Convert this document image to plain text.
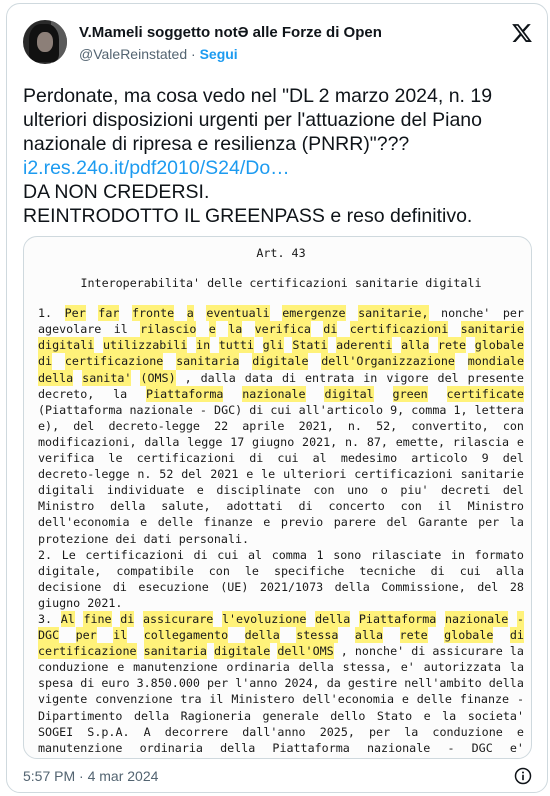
V.Mameli soggetto notƏ alle Forze di Open
@ValeReinstated · Segui
Perdonate, ma cosa vedo nel "DL 2 marzo 2024, n. 19
ulteriori disposizioni urgenti per l'attuazione del Piano
nazionale di ripresa e resilienza (PNRR)"???
i2.res.24o.it/pdf2010/S24/Do…
DA NON CREDERSI.
REINTRODOTTO IL GREENPASS e reso definitivo.
Art. 43
Interoperabilita' delle certificazioni sanitarie digitali
1. Per far fronte a eventuali emergenze sanitarie, nonche' per
agevolare il rilascio e la verifica di certificazioni sanitarie
digitali utilizzabili in tutti gli Stati aderenti alla rete globale
di certificazione sanitaria digitale dell'Organizzazione mondiale
della sanita' (OMS) , dalla data di entrata in vigore del presente
decreto, la Piattaforma nazionale digital green certificate
(Piattaforma nazionale - DGC) di cui all'articolo 9, comma 1, lettera
e), del decreto-legge 22 aprile 2021, n. 52, convertito, con
modificazioni, dalla legge 17 giugno 2021, n. 87, emette, rilascia e
verifica le certificazioni di cui al medesimo articolo 9 del
decreto-legge n. 52 del 2021 e le ulteriori certificazioni sanitarie
digitali individuate e disciplinate con uno o piu' decreti del
Ministro della salute, adottati di concerto con il Ministro
dell'economia e delle finanze e previo parere del Garante per la
protezione dei dati personali.
2. Le certificazioni di cui al comma 1 sono rilasciate in formato
digitale, compatibile con le specifiche tecniche di cui alla
decisione di esecuzione (UE) 2021/1073 della Commissione, del 28
giugno 2021.
3. Al fine di assicurare l'evoluzione della Piattaforma nazionale -
DGC per il collegamento della stessa alla rete globale di
certificazione sanitaria digitale dell'OMS , nonche' di assicurare la
conduzione e manutenzione ordinaria della stessa, e' autorizzata la
spesa di euro 3.850.000 per l'anno 2024, da gestire nell'ambito della
vigente convenzione tra il Ministero dell'economia e delle finanze -
Dipartimento della Ragioneria generale dello Stato e la societa'
SOGEI S.p.A. A decorrere dall'anno 2025, per la conduzione e
manutenzione ordinaria della Piattaforma nazionale - DGC e'
5:57 PM · 4 mar 2024
